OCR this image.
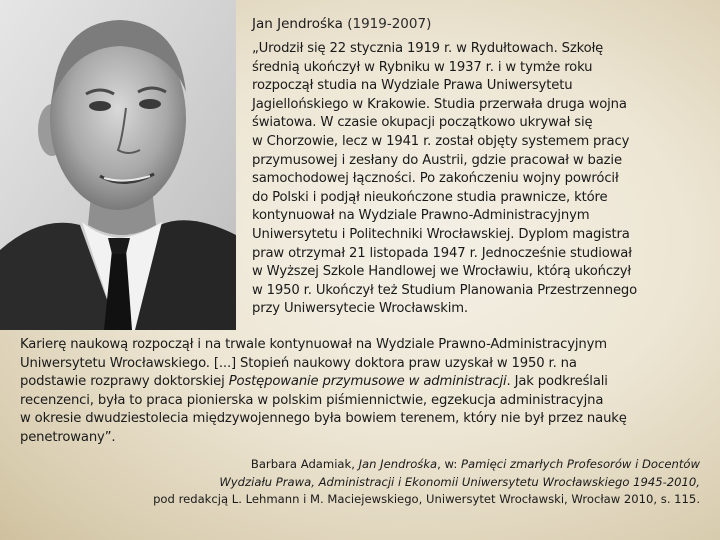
Jan Jendrośka (1919-2007)
„Urodził się 22 stycznia 1919 r. w Rydułtowach. Szkołę
średnią ukończył w Rybniku w 1937 r. i w tymże roku
rozpoczął studia na Wydziale Prawa Uniwersytetu
Jagiellońskiego w Krakowie. Studia przerwała druga wojna
światowa. W czasie okupacji początkowo ukrywał się
w Chorzowie, lecz w 1941 r. został objęty systemem pracy
przymusowej i zesłany do Austrii, gdzie pracował w bazie
samochodowej łączności. Po zakończeniu wojny powrócił
do Polski i podjął nieukończone studia prawnicze, które
kontynuował na Wydziale Prawno-Administracyjnym
Uniwersytetu i Politechniki Wrocławskiej. Dyplom magistra
praw otrzymał 21 listopada 1947 r. Jednocześnie studiował
w Wyższej Szkole Handlowej we Wrocławiu, którą ukończył
w 1950 r. Ukończył też Studium Planowania Przestrzennego
przy Uniwersytecie Wrocławskim.
Karierę naukową rozpoczął i na trwale kontynuował na Wydziale Prawno-Administracyjnym
Uniwersytetu Wrocławskiego. [...] Stopień naukowy doktora praw uzyskał w 1950 r. na
podstawie rozprawy doktorskiej Postępowanie przymusowe w administracji. Jak podkreślali
recenzenci, była to praca pionierska w polskim piśmiennictwie, egzekucja administracyjna
w okresie dwudziestolecia międzywojennego była bowiem terenem, który nie był przez naukę
penetrowany”.
Barbara Adamiak, Jan Jendrośka, w: Pamięci zmarłych Profesorów i Docentów
Wydziału Prawa, Administracji i Ekonomii Uniwersytetu Wrocławskiego 1945-2010,
pod redakcją L. Lehmann i M. Maciejewskiego, Uniwersytet Wrocławski, Wrocław 2010, s. 115.
